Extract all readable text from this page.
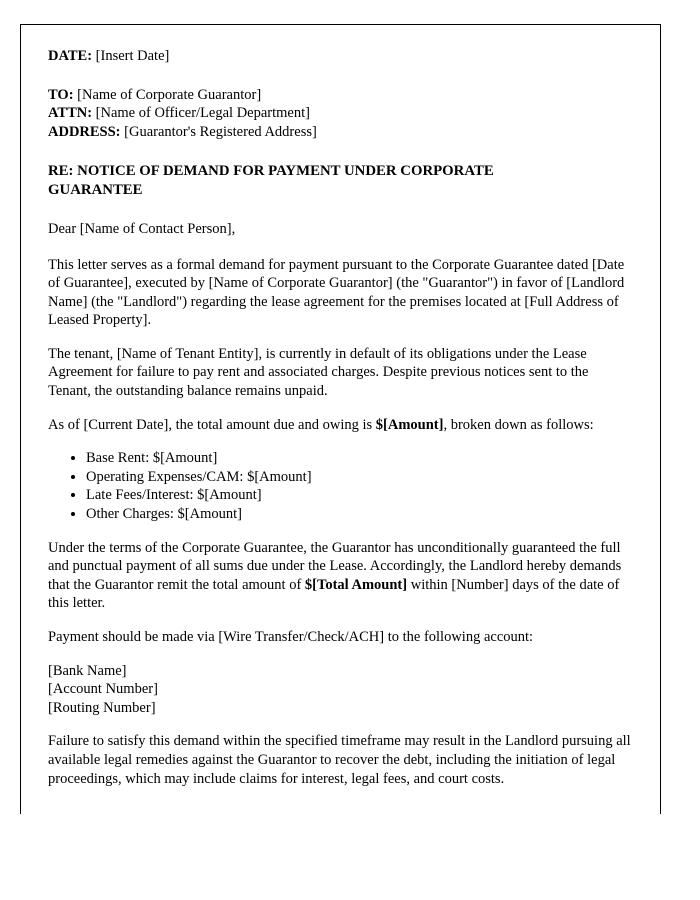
DATE: [Insert Date]
TO: [Name of Corporate Guarantor]
ATTN: [Name of Officer/Legal Department]
ADDRESS: [Guarantor's Registered Address]
RE: NOTICE OF DEMAND FOR PAYMENT UNDER CORPORATE GUARANTEE
Dear [Name of Contact Person],

This letter serves as a formal demand for payment pursuant to the Corporate Guarantee dated [Date of Guarantee], executed by [Name of Corporate Guarantor] (the "Guarantor") in favor of [Landlord Name] (the "Landlord") regarding the lease agreement for the premises located at [Full Address of Leased Property].

The tenant, [Name of Tenant Entity], is currently in default of its obligations under the Lease Agreement for failure to pay rent and associated charges. Despite previous notices sent to the Tenant, the outstanding balance remains unpaid.

As of [Current Date], the total amount due and owing is $[Amount], broken down as follows:

• Base Rent: $[Amount]
• Operating Expenses/CAM: $[Amount]
• Late Fees/Interest: $[Amount]
• Other Charges: $[Amount]

Under the terms of the Corporate Guarantee, the Guarantor has unconditionally guaranteed the full and punctual payment of all sums due under the Lease. Accordingly, the Landlord hereby demands that the Guarantor remit the total amount of $[Total Amount] within [Number] days of the date of this letter.

Payment should be made via [Wire Transfer/Check/ACH] to the following account:

[Bank Name]
[Account Number]
[Routing Number]

Failure to satisfy this demand within the specified timeframe may result in the Landlord pursuing all available legal remedies against the Guarantor to recover the debt, including the initiation of legal proceedings, which may include claims for interest, legal fees, and court costs.
